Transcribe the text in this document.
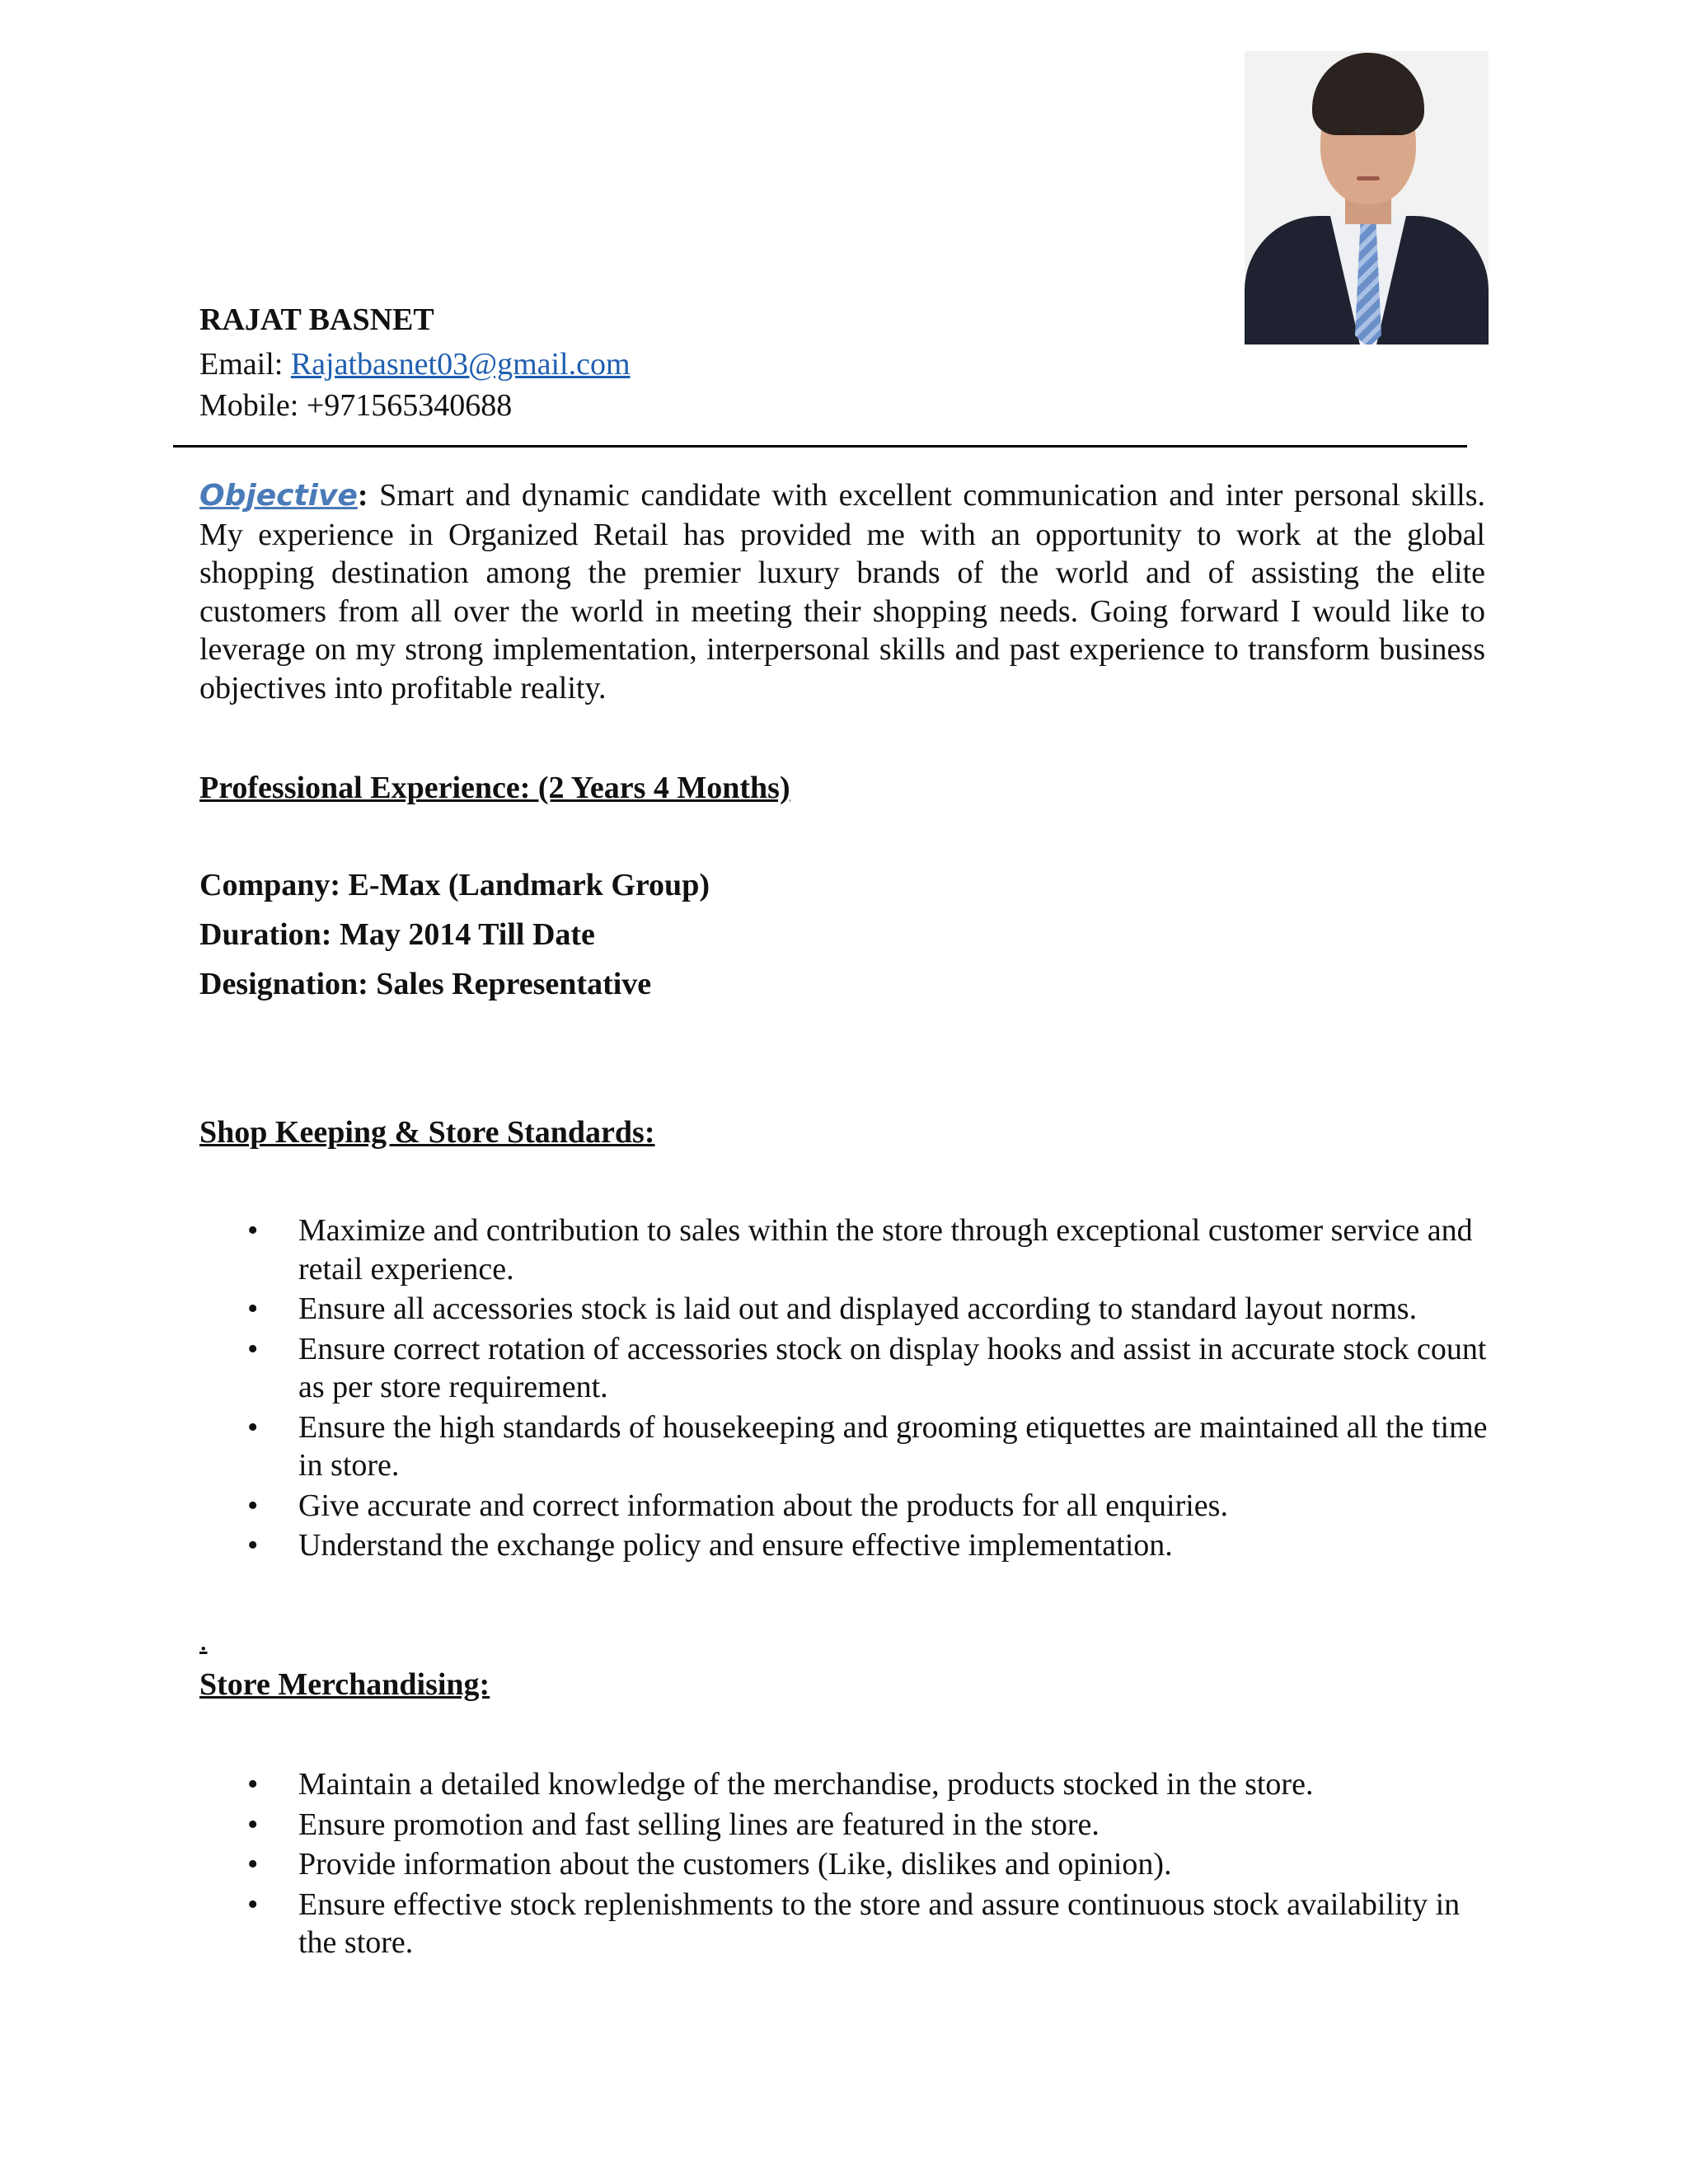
RAJAT BASNET
Email: Rajatbasnet03@gmail.com
Mobile: +971565340688
Objective: Smart and dynamic candidate with excellent communication and inter personal skills. My experience in Organized Retail has provided me with an opportunity to work at the global shopping destination among the premier luxury brands of the world and of assisting the elite customers from all over the world in meeting their shopping needs. Going forward I would like to leverage on my strong implementation, interpersonal skills and past experience to transform business objectives into profitable reality.
Professional Experience: (2 Years 4 Months)
Company: E-Max (Landmark Group)
Duration: May 2014 Till Date
Designation: Sales Representative
Shop Keeping & Store Standards:
• Maximize and contribution to sales within the store through exceptional customer service and retail experience.
• Ensure all accessories stock is laid out and displayed according to standard layout norms.
• Ensure correct rotation of accessories stock on display hooks and assist in accurate stock count as per store requirement.
• Ensure the high standards of housekeeping and grooming etiquettes are maintained all the time in store.
• Give accurate and correct information about the products for all enquiries.
• Understand the exchange policy and ensure effective implementation.
.
Store Merchandising:
• Maintain a detailed knowledge of the merchandise, products stocked in the store.
• Ensure promotion and fast selling lines are featured in the store.
• Provide information about the customers (Like, dislikes and opinion).
• Ensure effective stock replenishments to the store and assure continuous stock availability in the store.
